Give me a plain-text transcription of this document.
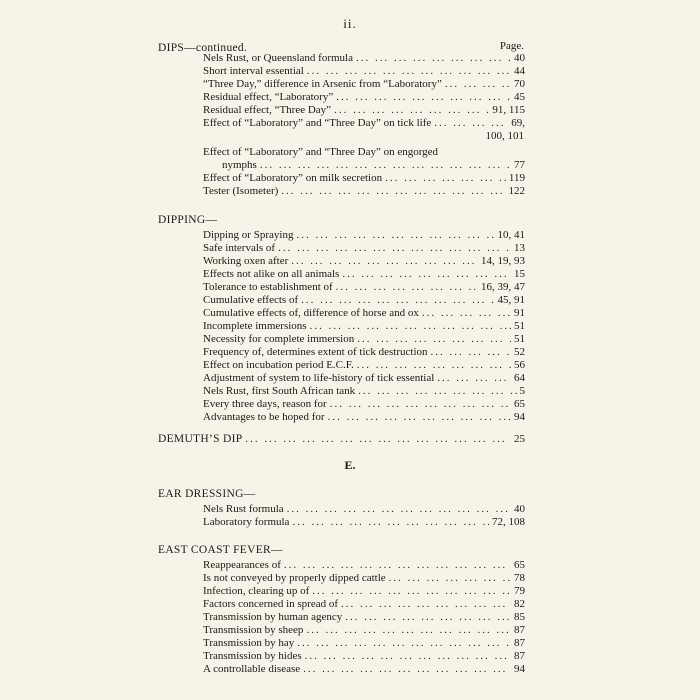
ii.
Page.
DIPS—continued.
Nels Rust, or Queensland formula ... .	40
Short interval essential ... .	44
“Three Day,” difference in Arsenic from “Laboratory” ... .	70
Residual effect, “Laboratory” ... .	45
Residual effect, “Three Day” ... .	91, 115
Effect of “Laboratory” and “Three Day” on tick life ... .	69,
100, 101
Effect of “Laboratory” and “Three Day” on engorged
nymphs ... .	77
Effect of “Laboratory” on milk secretion ... .	119
Tester (Isometer) ... .	122
DIPPING—
Dipping or Spraying ... .	10, 41
Safe intervals of ... .	13
Working oxen after ... .	14, 19, 93
Effects not alike on all animals ... .	15
Tolerance to establishment of ... .	16, 39, 47
Cumulative effects of ... .	45, 91
Cumulative effects of, difference of horse and ox ... .	91
Incomplete immersions ... .	51
Necessity for complete immersion ... .	51
Frequency of, determines extent of tick destruction ... .	52
Effect on incubation period E.C.F. ... .	56
Adjustment of system to life-history of tick essential ... .	64
Nels Rust, first South African tank ... .	5
Every three days, reason for ... .	65
Advantages to be hoped for ... .	94
DEMUTH’S DIP ... .	25
E.
EAR DRESSING—
Nels Rust formula ... .	40
Laboratory formula ... .	72, 108
EAST COAST FEVER—
Reappearances of ... .	65
Is not conveyed by properly dipped cattle ... .	78
Infection, clearing up of ... .	79
Factors concerned in spread of ... .	82
Transmission by human agency ... .	85
Transmission by sheep ... .	87
Transmission by hay ... .	87
Transmission by hides ... .	87
A controllable disease ... .	94
